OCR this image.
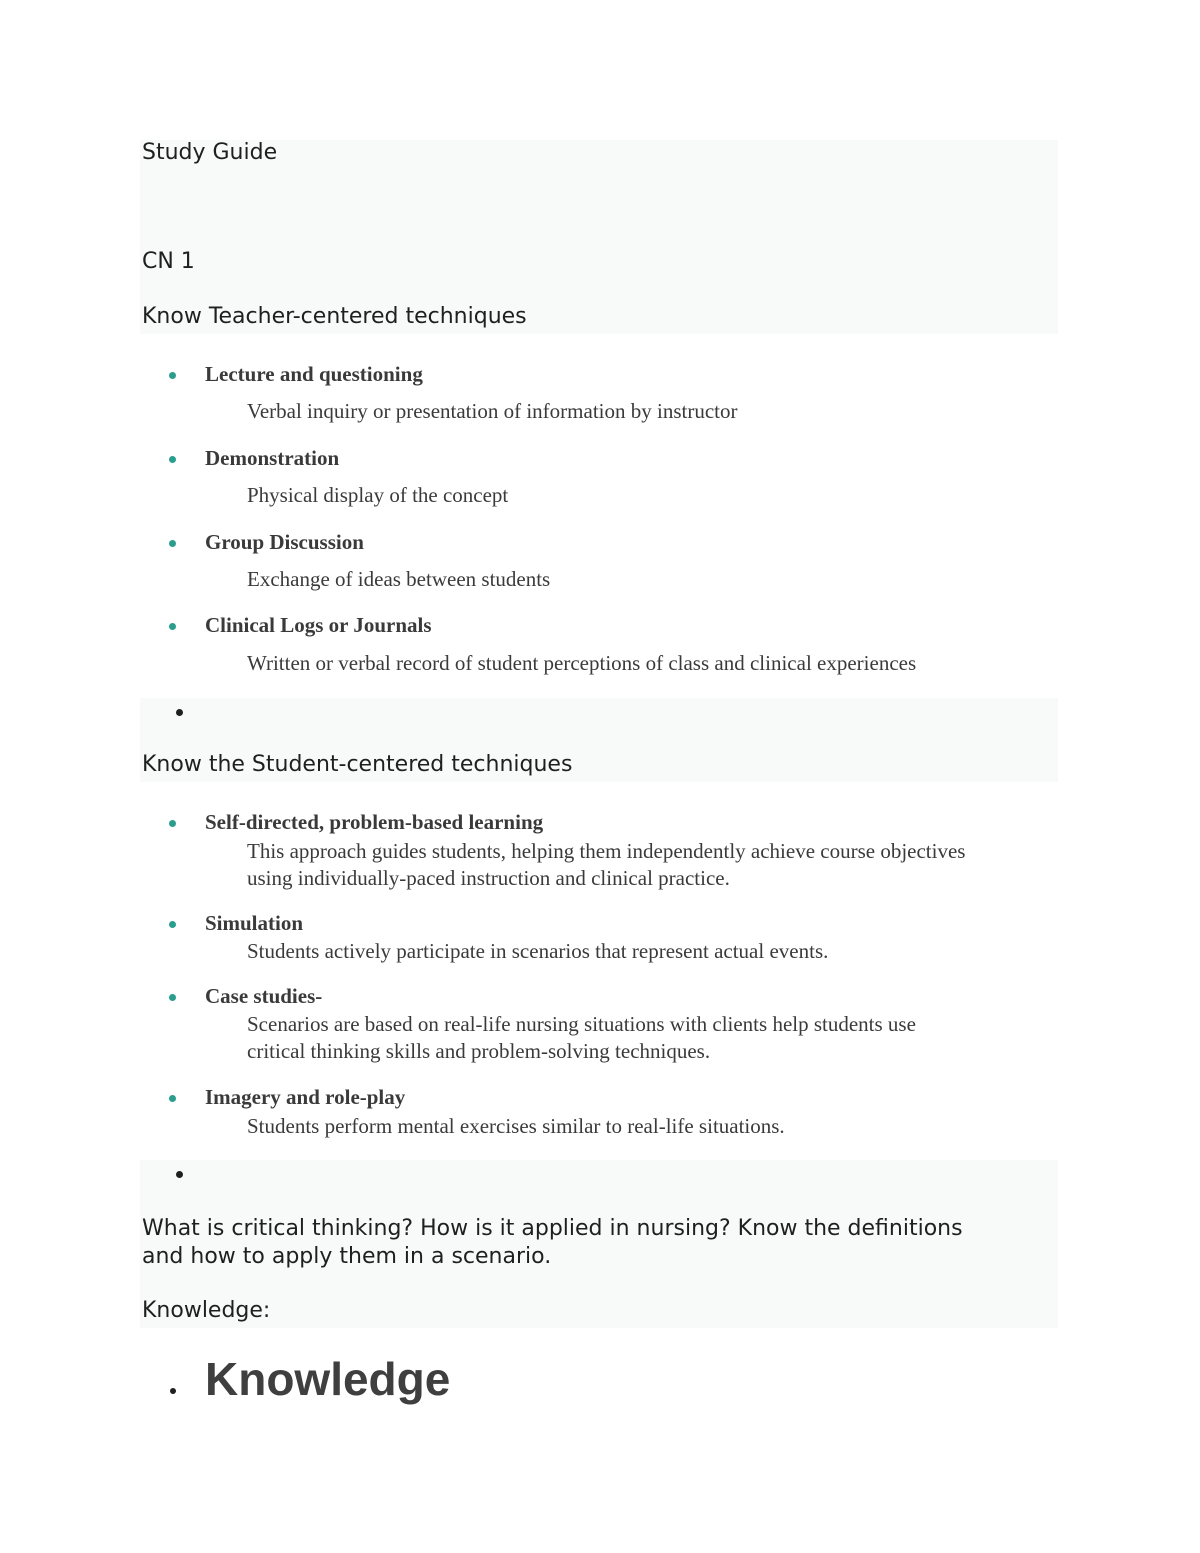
Study Guide
CN 1
Know Teacher-centered techniques
Lecture and questioning
Verbal inquiry or presentation of information by instructor
Demonstration
Physical display of the concept
Group Discussion
Exchange of ideas between students
Clinical Logs or Journals
Written or verbal record of student perceptions of class and clinical experiences
Know the Student-centered techniques
Self-directed, problem-based learning
This approach guides students, helping them independently achieve course objectives
using individually-paced instruction and clinical practice.
Simulation
Students actively participate in scenarios that represent actual events.
Case studies-
Scenarios are based on real-life nursing situations with clients help students use
critical thinking skills and problem-solving techniques.
Imagery and role-play
Students perform mental exercises similar to real-life situations.
What is critical thinking? How is it applied in nursing? Know the definitions
and how to apply them in a scenario.
Knowledge:
Knowledge
